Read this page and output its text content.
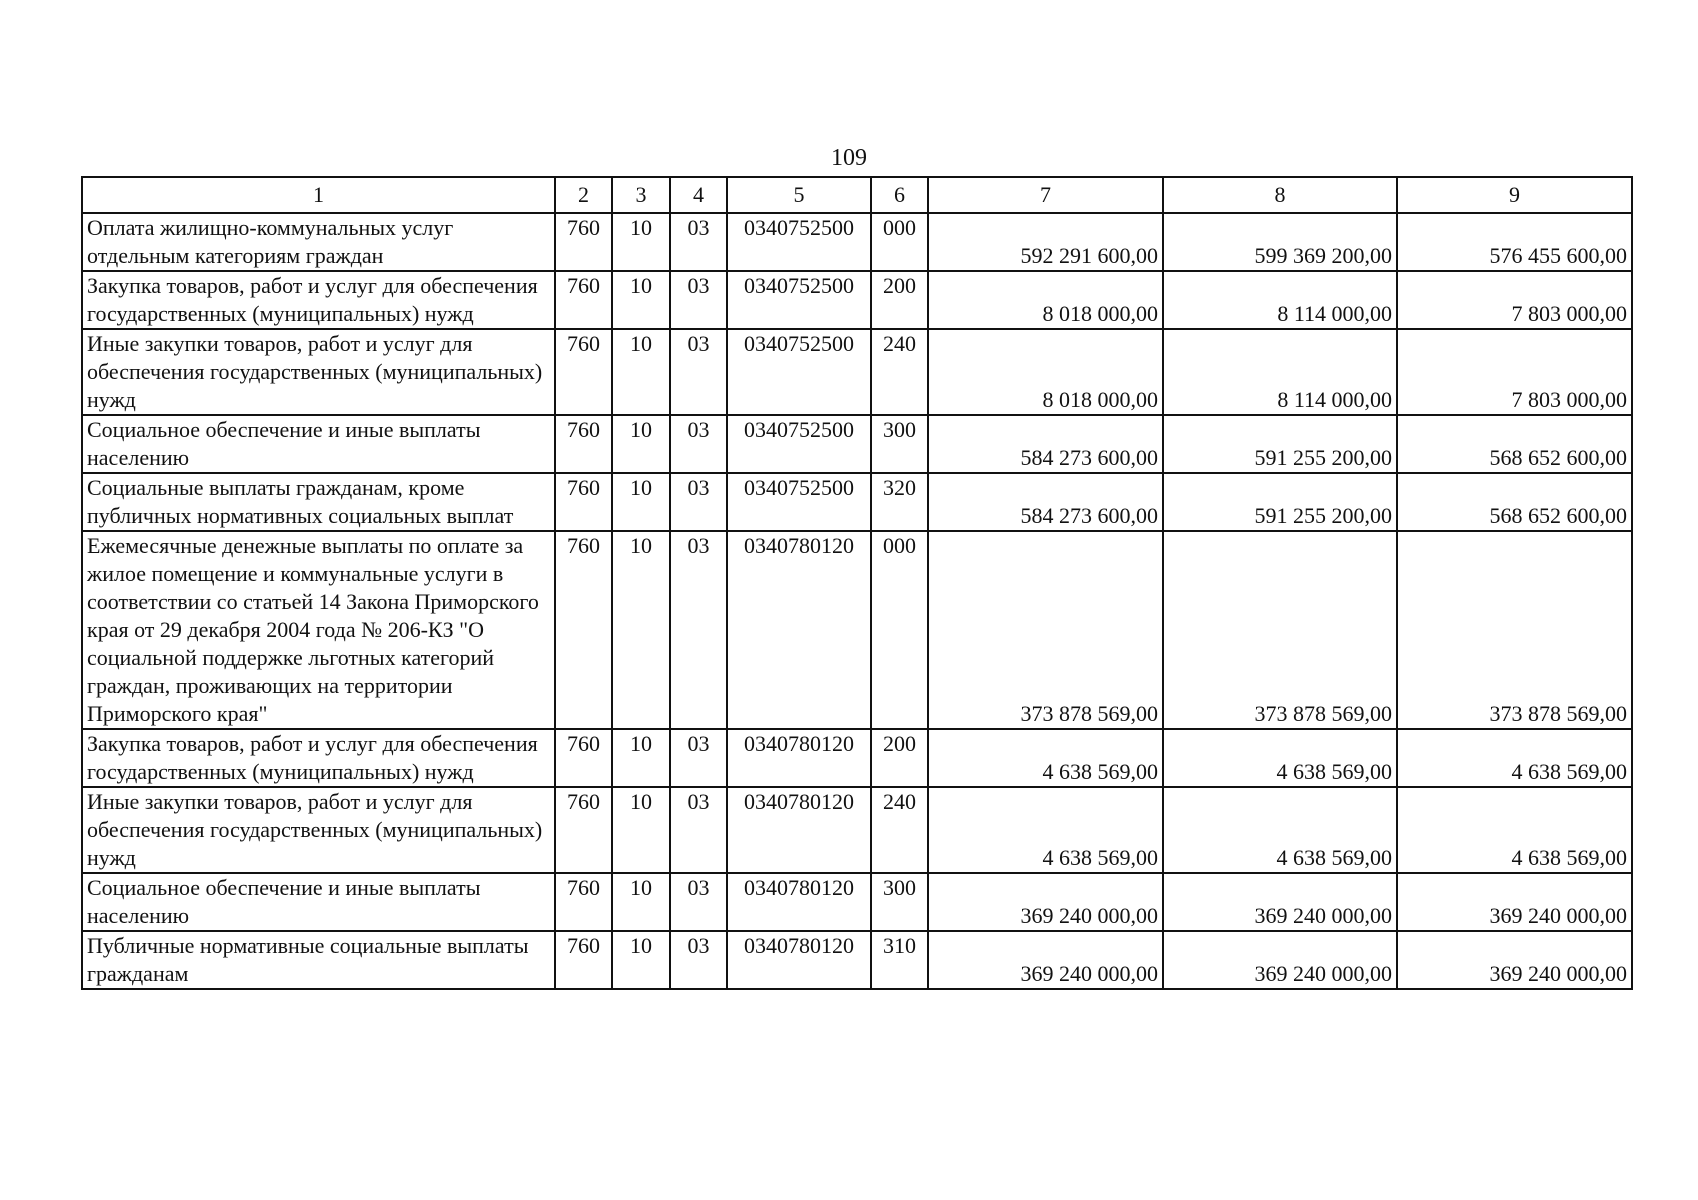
109
1	2	3	4	5	6	7	8	9
Оплата жилищно-коммунальных услуг отдельным категориям граждан	760	10	03	0340752500	000	592 291 600,00	599 369 200,00	576 455 600,00
Закупка товаров, работ и услуг для обеспечения государственных (муниципальных) нужд	760	10	03	0340752500	200	8 018 000,00	8 114 000,00	7 803 000,00
Иные закупки товаров, работ и услуг для обеспечения государственных (муниципальных) нужд	760	10	03	0340752500	240	8 018 000,00	8 114 000,00	7 803 000,00
Социальное обеспечение и иные выплаты населению	760	10	03	0340752500	300	584 273 600,00	591 255 200,00	568 652 600,00
Социальные выплаты гражданам, кроме публичных нормативных социальных выплат	760	10	03	0340752500	320	584 273 600,00	591 255 200,00	568 652 600,00
Ежемесячные денежные выплаты по оплате за жилое помещение и коммунальные услуги в соответствии со статьей 14 Закона Приморского края от 29 декабря 2004 года № 206-КЗ "О социальной поддержке льготных категорий граждан, проживающих на территории Приморского края"	760	10	03	0340780120	000	373 878 569,00	373 878 569,00	373 878 569,00
Закупка товаров, работ и услуг для обеспечения государственных (муниципальных) нужд	760	10	03	0340780120	200	4 638 569,00	4 638 569,00	4 638 569,00
Иные закупки товаров, работ и услуг для обеспечения государственных (муниципальных) нужд	760	10	03	0340780120	240	4 638 569,00	4 638 569,00	4 638 569,00
Социальное обеспечение и иные выплаты населению	760	10	03	0340780120	300	369 240 000,00	369 240 000,00	369 240 000,00
Публичные нормативные социальные выплаты гражданам	760	10	03	0340780120	310	369 240 000,00	369 240 000,00	369 240 000,00
